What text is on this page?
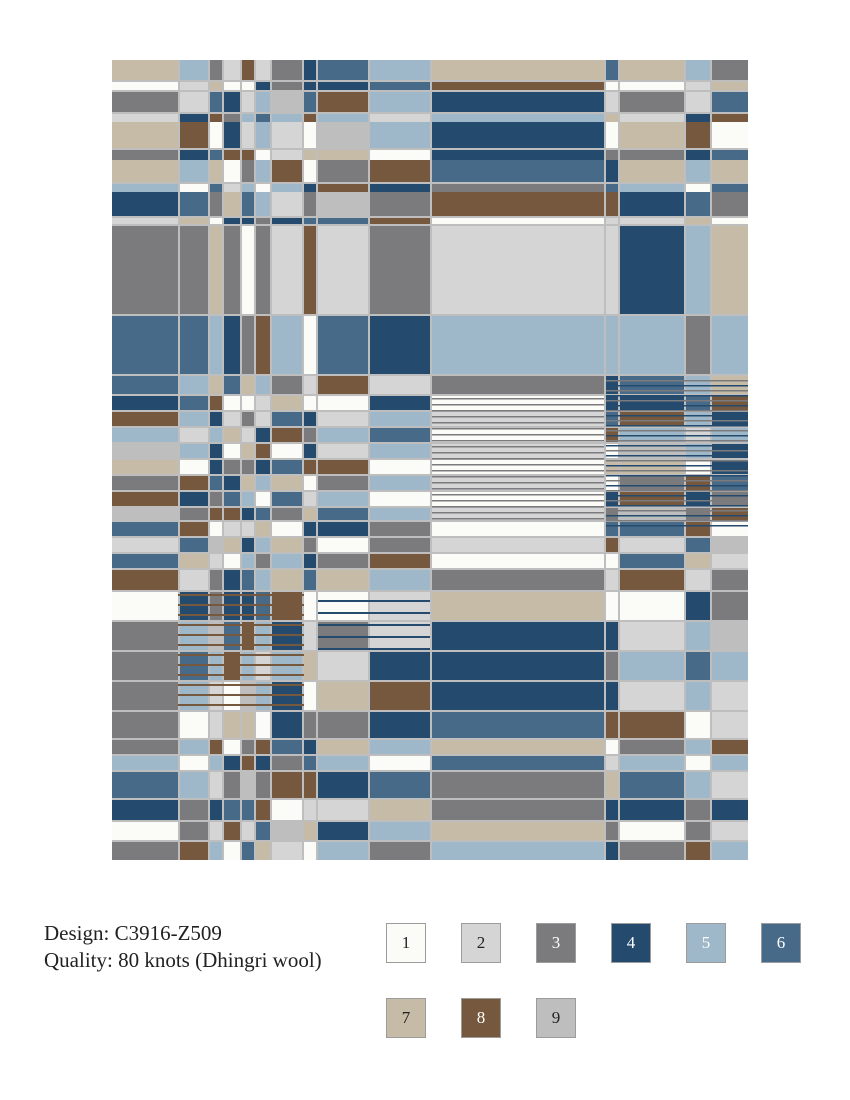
Design: C3916-Z509
Quality: 80 knots (Dhingri wool)
1	2	3	4	5	6
7	8	9
